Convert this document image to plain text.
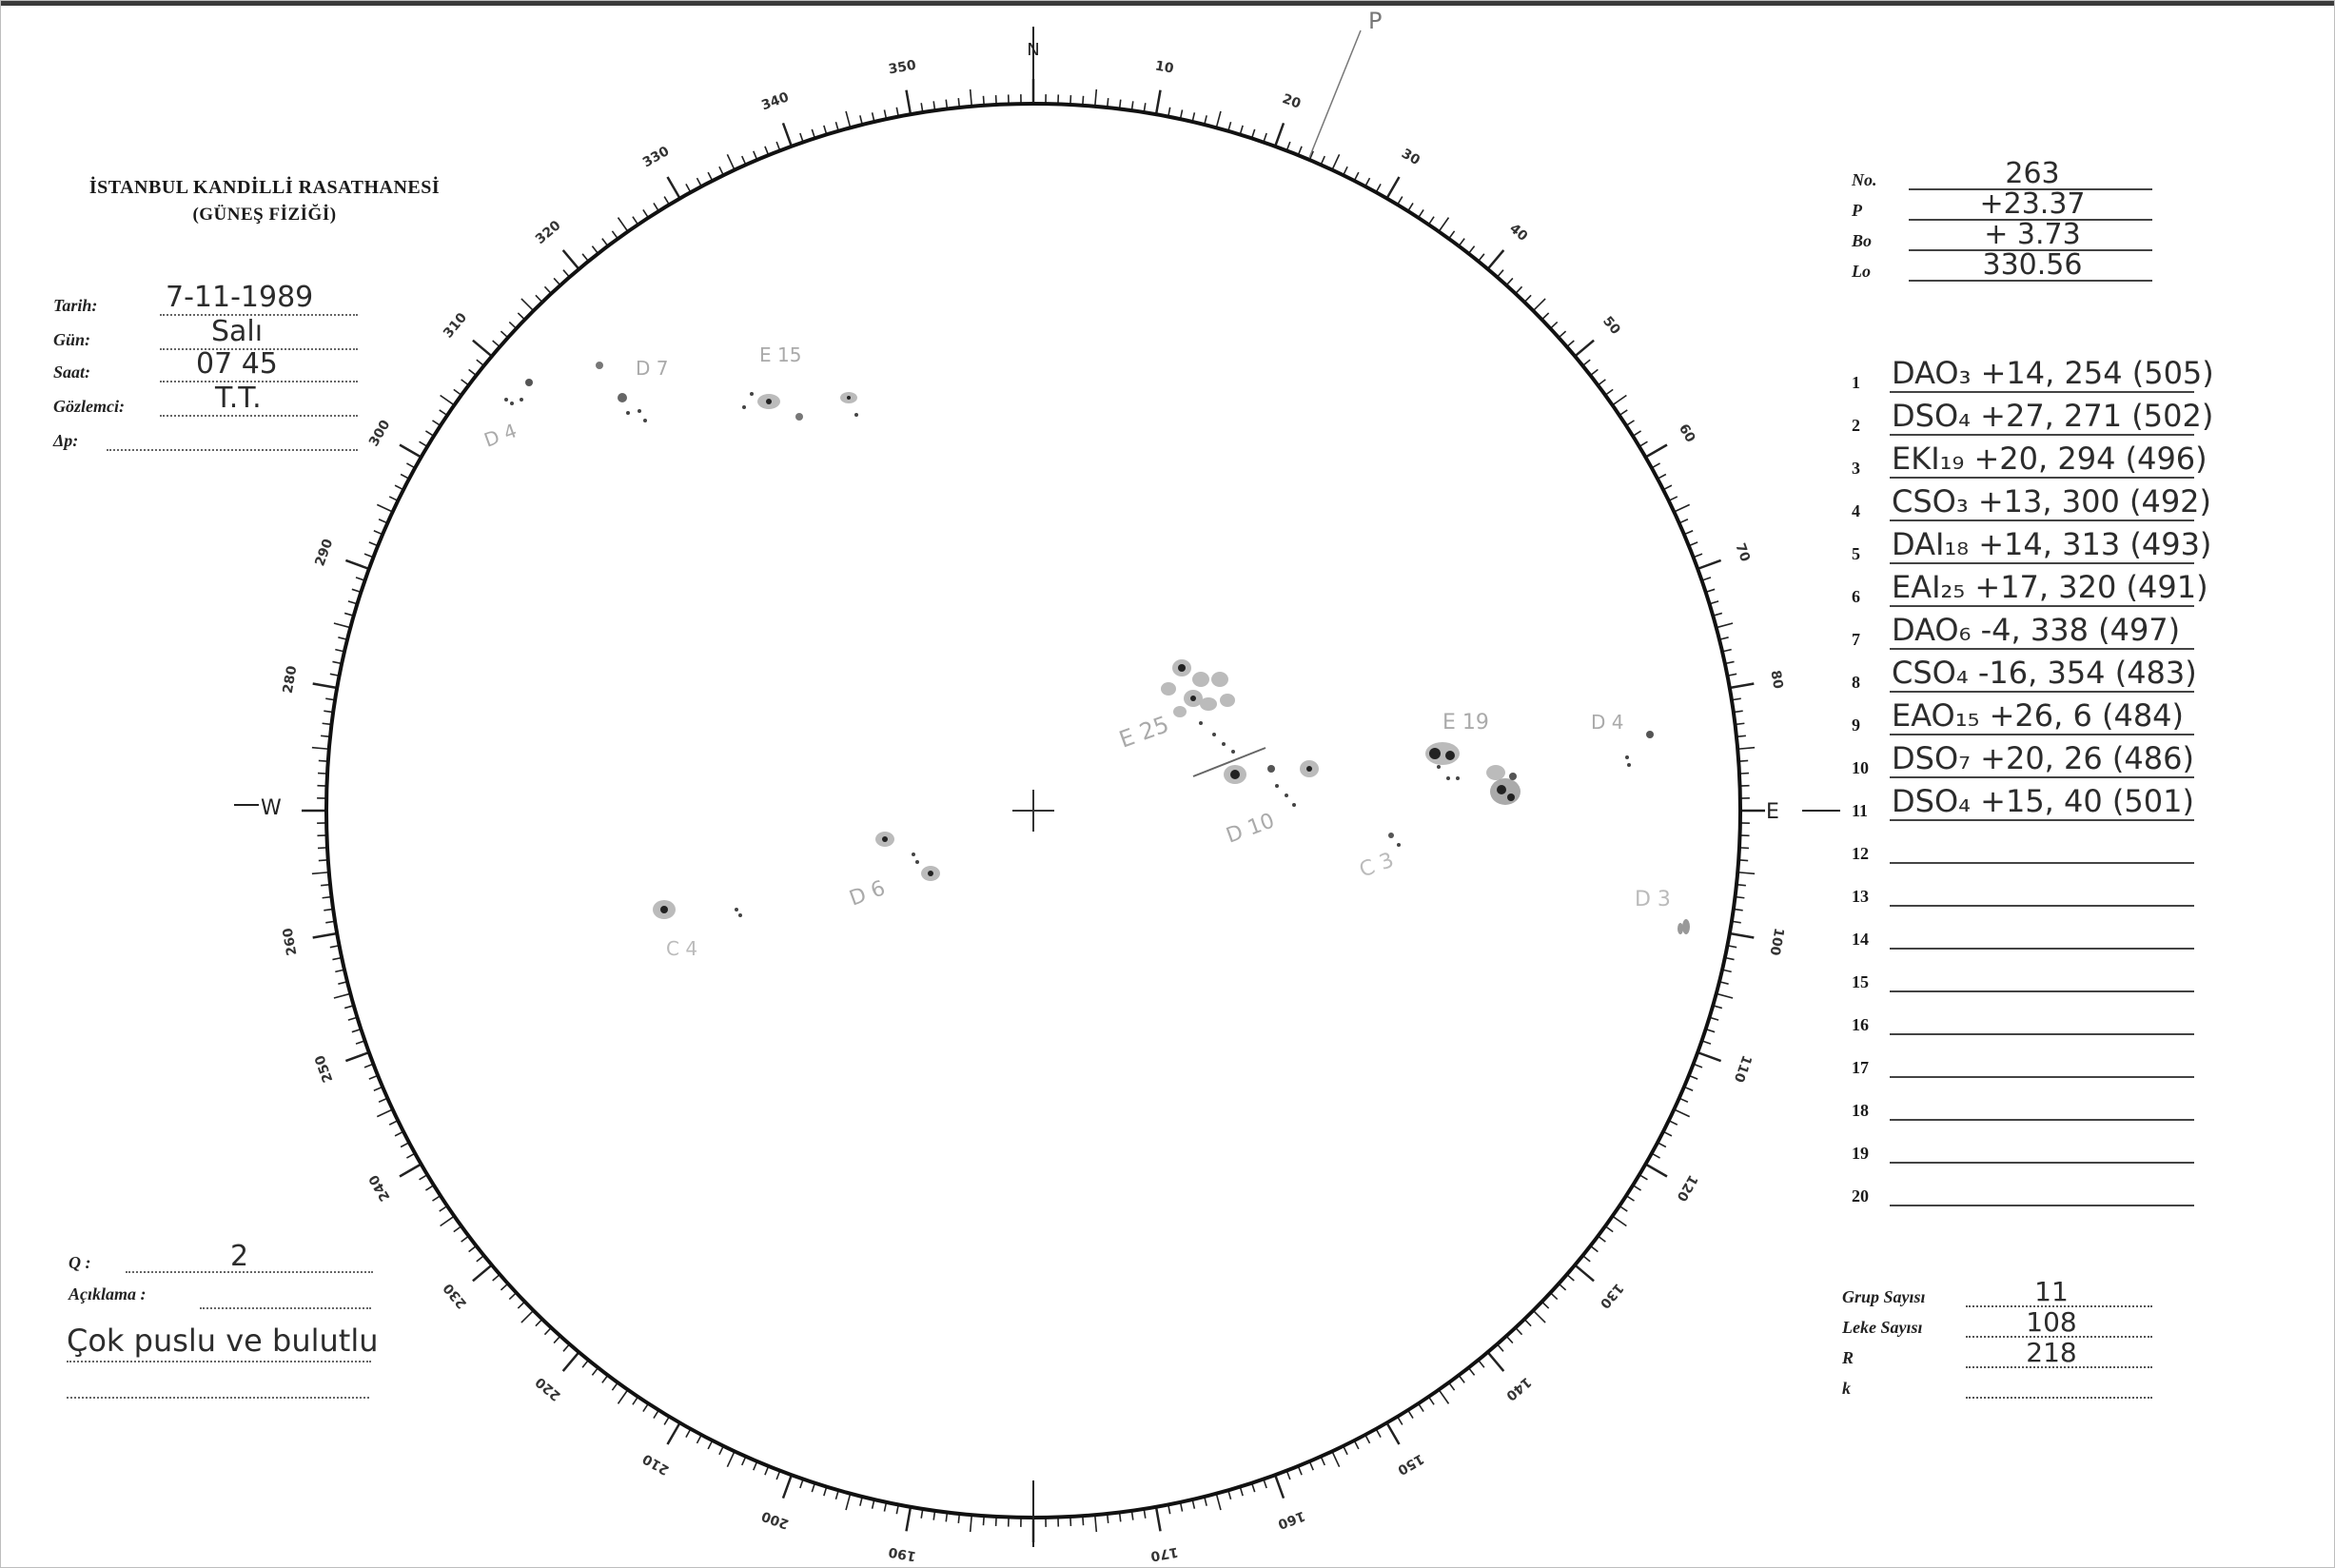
İSTANBUL KANDİLLİ RASATHANESİ
(GÜNEŞ FİZİĞİ)
Tarih: 7-11-1989
Gün:	Salı
Saat:	07 45
Gözlemci:	T.T.
Δp:
No.	263
P	+23.37
Bo	+ 3.73
Lo	330.56
1	DAO₃ +14, 254 (505)
2	DSO₄ +27, 271 (502)
3	EKI₁₉ +20, 294 (496)
4	CSO₃ +13, 300 (492)
5	DAI₁₈ +14, 313 (493)
6	EAI₂₅ +17, 320 (491)
7	DAO₆ -4, 338 (497)
8	CSO₄ -16, 354 (483)
9	EAO₁₅ +26, 6 (484)
10 DSO₇ +20, 26 (486)
11 DSO₄ +15, 40 (501)
12
13
14
15
16
17
18
19
20
Grup Sayısı	11
Leke Sayısı	108
R	218
k
Q :	2
Açıklama :
Çok puslu ve bulutlu
10
20
30
40
50
60
70
80
100
110
120
130
140
150
160
170
190
200
210
220
230
240
250
260
280
290
300
310
320
330
340
350
N
W	E
P
D 4
D 7
E 15
E 25
D 10
E 19	D 4
D 6
C 4
C 3
D 3
